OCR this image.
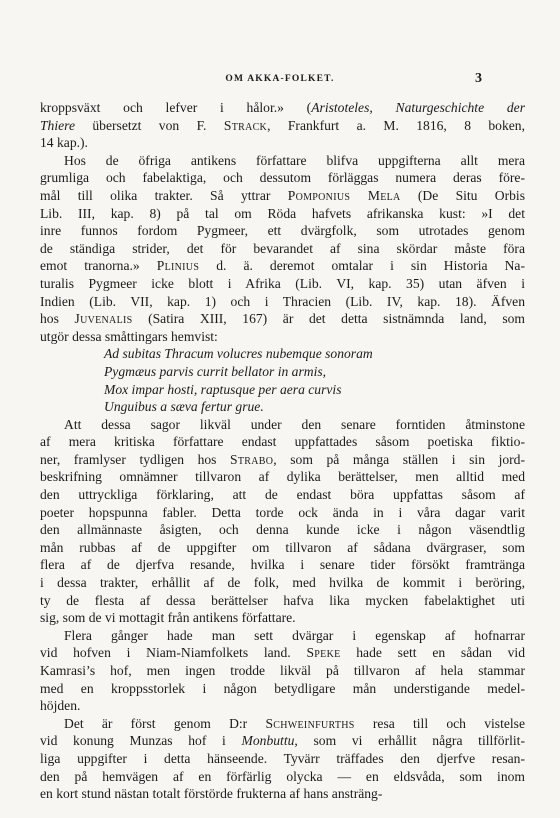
OM AKKA-FOLKET.	3
kroppsväxt och lefver i hålor.» (Aristoteles, Naturgeschichte der
Thiere übersetzt von F. Strack, Frankfurt a. M. 1816, 8 boken,
14 kap.).
Hos de öfriga antikens författare blifva uppgifterna allt mera
grumliga och fabelaktiga, och dessutom förläggas numera deras före-
mål till olika trakter. Så yttrar Pomponius Mela (De Situ Orbis
Lib. III, kap. 8) på tal om Röda hafvets afrikanska kust: »I det
inre funnos fordom Pygmeer, ett dvärgfolk, som utrotades genom
de ständiga strider, det för bevarandet af sina skördar måste föra
emot tranorna.» Plinius d. ä. deremot omtalar i sin Historia Na-
turalis Pygmeer icke blott i Afrika (Lib. VI, kap. 35) utan äfven i
Indien (Lib. VII, kap. 1) och i Thracien (Lib. IV, kap. 18). Äfven
hos Juvenalis (Satira XIII, 167) är det detta sistnämnda land, som
utgör dessa småttingars hemvist:
Ad subitas Thracum volucres nubemque sonoram
Pygmæus parvis currit bellator in armis,
Mox impar hosti, raptusque per aera curvis
Unguibus a sæva fertur grue.
Att dessa sagor likväl under den senare forntiden åtminstone
af mera kritiska författare endast uppfattades såsom poetiska fiktio-
ner, framlyser tydligen hos Strabo, som på många ställen i sin jord-
beskrifning omnämner tillvaron af dylika berättelser, men alltid med
den uttryckliga förklaring, att de endast böra uppfattas såsom af
poeter hopspunna fabler. Detta torde ock ända in i våra dagar varit
den allmännaste åsigten, och denna kunde icke i någon väsendtlig
mån rubbas af de uppgifter om tillvaron af sådana dvärgraser, som
flera af de djerfva resande, hvilka i senare tider försökt framtränga
i dessa trakter, erhållit af de folk, med hvilka de kommit i beröring,
ty de flesta af dessa berättelser hafva lika mycken fabelaktighet uti
sig, som de vi mottagit från antikens författare.
Flera gånger hade man sett dvärgar i egenskap af hofnarrar
vid hofven i Niam-Niamfolkets land. Speke hade sett en sådan vid
Kamrasi’s hof, men ingen trodde likväl på tillvaron af hela stammar
med en kroppsstorlek i någon betydligare mån understigande medel-
höjden.
Det är först genom D:r Schweinfurths resa till och vistelse
vid konung Munzas hof i Monbuttu, som vi erhållit några tillförlit-
liga uppgifter i detta hänseende. Tyvärr träffades den djerfve resan-
den på hemvägen af en förfärlig olycka — en eldsvåda, som inom
en kort stund nästan totalt förstörde frukterna af hans ansträng-
